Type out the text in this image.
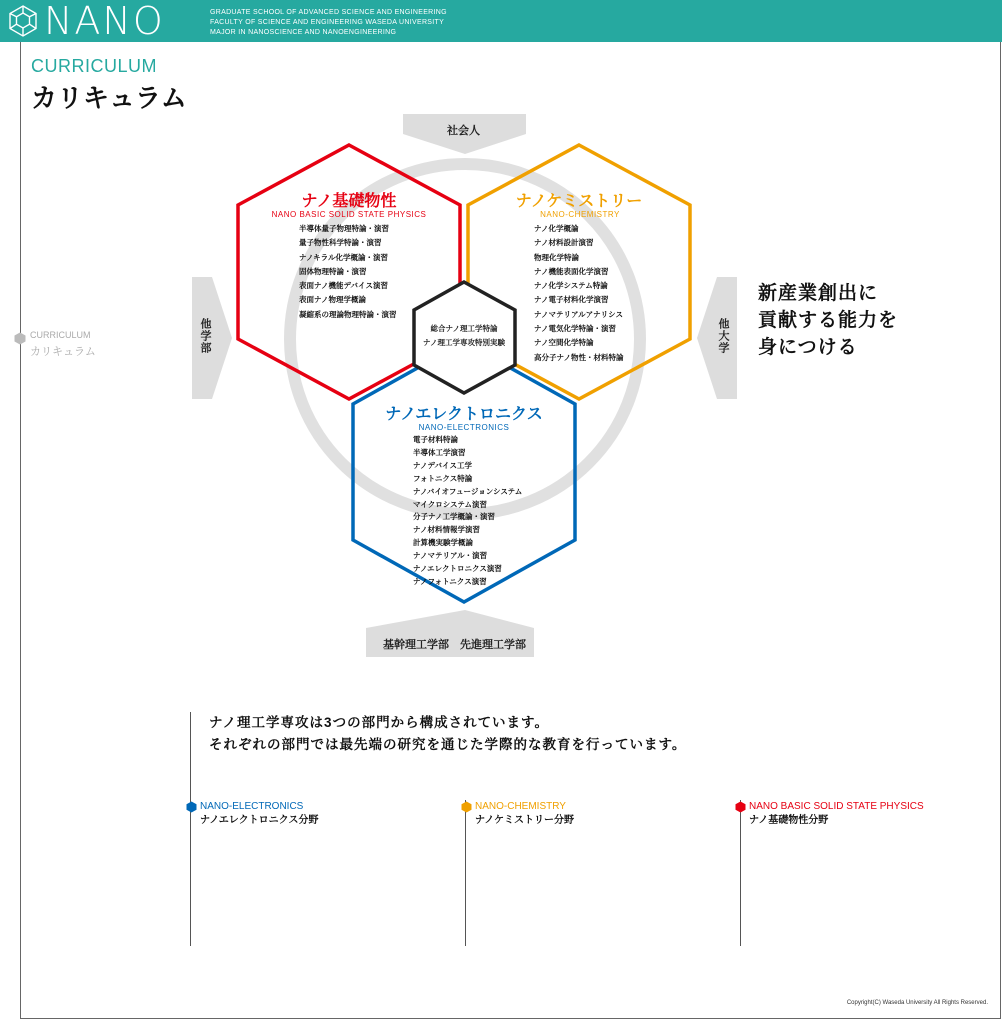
NANO	GRADUATE SCHOOL OF ADVANCED SCIENCE AND ENGINEERING
FACULTY OF SCIENCE AND ENGINEERING WASEDA UNIVERSITY
MAJOR IN NANOSCIENCE AND NANOENGINEERING
CURRICULUM
カリキュラム
CURRICULUM
カリキュラム
社会人
他学部	他大学
基幹理工学部　先進理工学部
ナノ基礎物性
NANO BASIC SOLID STATE PHYSICS
半導体量子物理特論・演習
量子物性科学特論・演習
ナノキラル化学概論・演習
固体物理特論・演習
表面ナノ機能デバイス演習
表面ナノ物理学概論
凝縮系の理論物理特論・演習
ナノケミストリー
NANO-CHEMISTRY
ナノ化学概論
ナノ材料設計演習
物理化学特論
ナノ機能表面化学演習
ナノ化学システム特論
ナノ電子材料化学演習
ナノマテリアルアナリシス
ナノ電気化学特論・演習
ナノ空間化学特論
高分子ナノ物性・材料特論
総合ナノ理工学特論
ナノ理工学専攻特別実験
ナノエレクトロニクス
NANO-ELECTRONICS
電子材料特論
半導体工学演習
ナノデバイス工学
フォトニクス特論
ナノバイオフュージョンシステム
マイクロシステム演習
分子ナノ工学概論・演習
ナノ材料情報学演習
計算機実験学概論
ナノマテリアル・演習
ナノエレクトロニクス演習
ナノフォトニクス演習
新産業創出に
貢献する能力を
身につける
ナノ理工学専攻は3つの部門から構成されています。
それぞれの部門では最先端の研究を通じた学際的な教育を行っています。
NANO-ELECTRONICS
ナノエレクトロニクス分野
NANO-CHEMISTRY
ナノケミストリー分野
NANO BASIC SOLID STATE PHYSICS
ナノ基礎物性分野
Copyright(C) Waseda University All Rights Reserved.
